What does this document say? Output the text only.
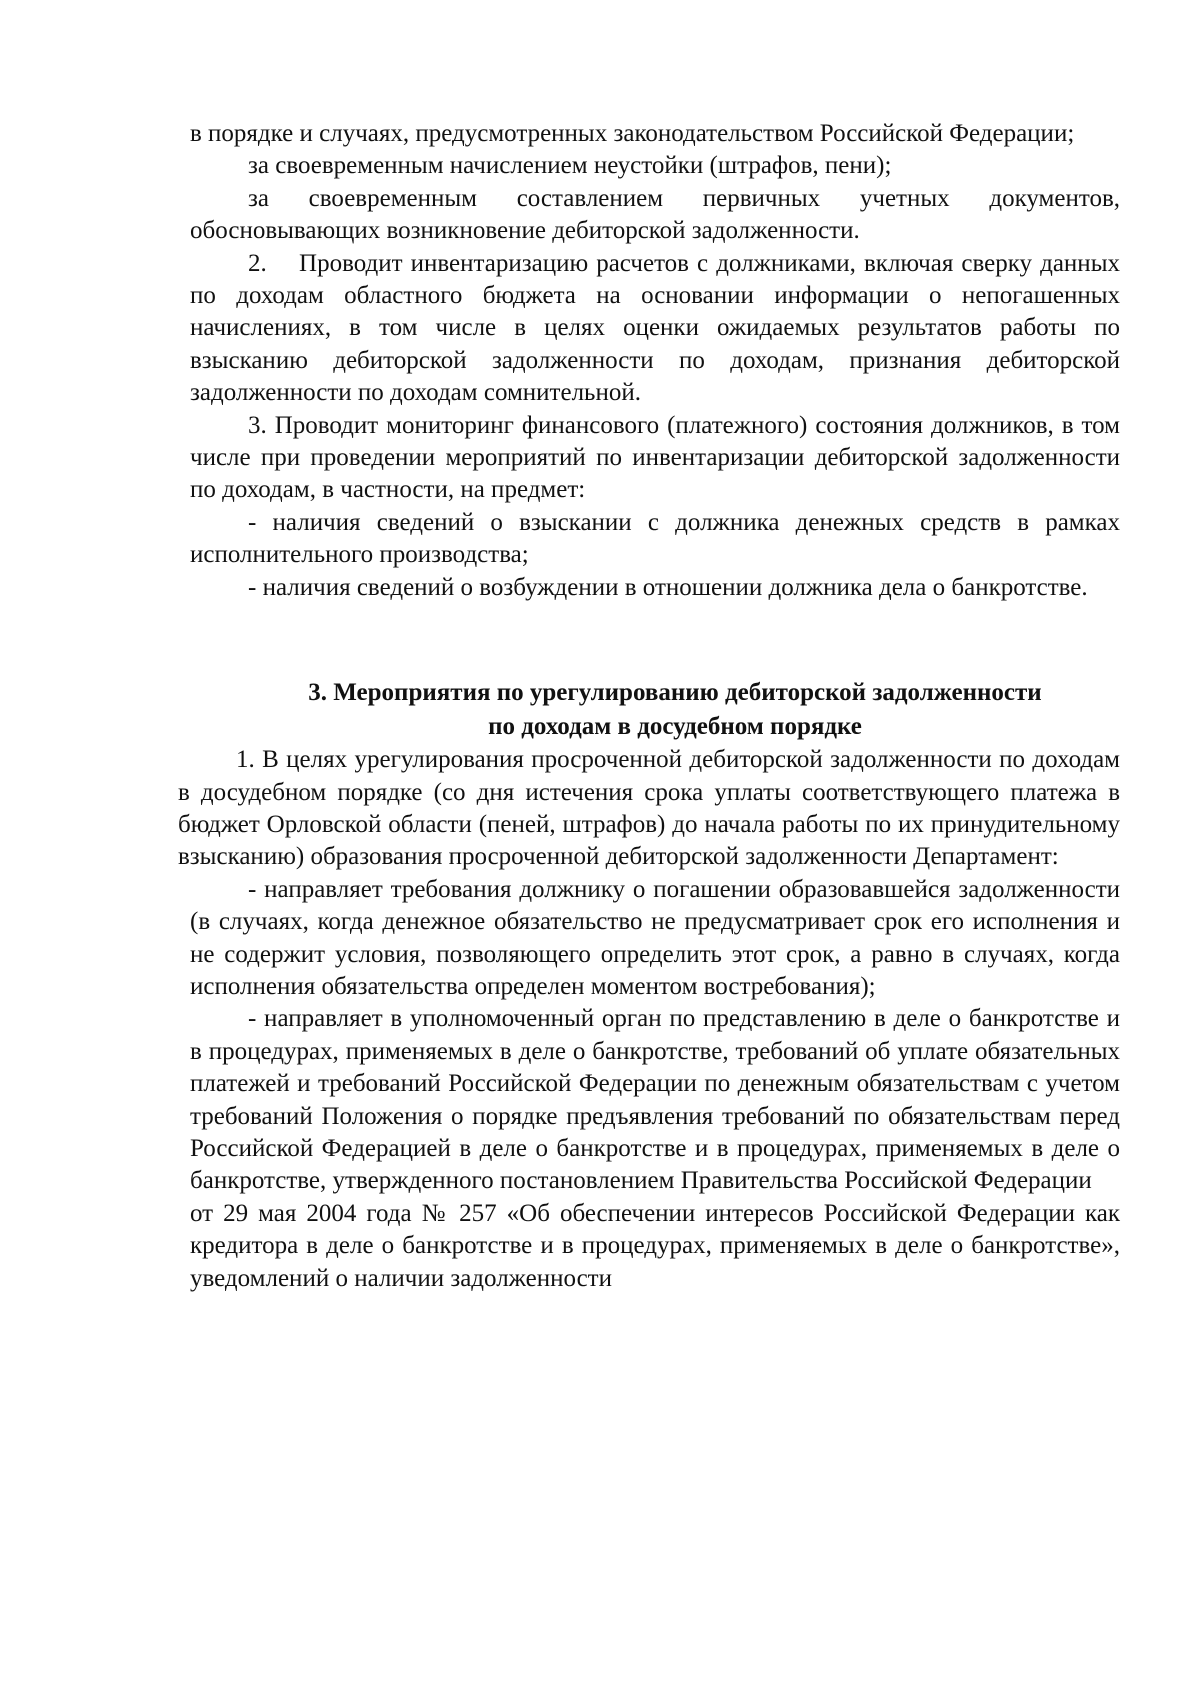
в порядке и случаях, предусмотренных законодательством Российской Федерации;

за своевременным начислением неустойки (штрафов, пени);

за своевременным составлением первичных учетных документов, обосновывающих возникновение дебиторской задолженности.

2.    Проводит инвентаризацию расчетов с должниками, включая сверку данных по доходам областного бюджета на основании информации о непогашенных начислениях, в том числе в целях оценки ожидаемых результатов работы по взысканию дебиторской задолженности по доходам, признания дебиторской задолженности по доходам сомнительной.

3. Проводит мониторинг финансового (платежного) состояния должников, в том числе при проведении мероприятий по инвентаризации дебиторской задолженности по доходам, в частности, на предмет:

- наличия сведений о взыскании с должника денежных средств в рамках исполнительного производства;

- наличия сведений о возбуждении в отношении должника дела о банкротстве.

3. Мероприятия по урегулированию дебиторской задолженности
по доходам в досудебном порядке

1. В целях урегулирования просроченной дебиторской задолженности по доходам в досудебном порядке (со дня истечения срока уплаты соответствующего платежа в бюджет Орловской области (пеней, штрафов) до начала работы по их принудительному взысканию) образования просроченной дебиторской задолженности Департамент:

- направляет требования должнику о погашении образовавшейся задолженности (в случаях, когда денежное обязательство не предусматривает срок его исполнения и не содержит условия, позволяющего определить этот срок, а равно в случаях, когда исполнения обязательства определен моментом востребования);

- направляет в уполномоченный орган по представлению в деле о банкротстве и в процедурах, применяемых в деле о банкротстве, требований об уплате обязательных платежей и требований Российской Федерации по денежным обязательствам с учетом требований Положения о порядке предъявления требований по обязательствам перед Российской Федерацией в деле о банкротстве и в процедурах, применяемых в деле о банкротстве, утвержденного постановлением Правительства Российской Федерации

от 29 мая 2004 года № 257 «Об обеспечении интересов Российской Федерации как кредитора в деле о банкротстве и в процедурах, применяемых в деле о банкротстве», уведомлений о наличии задолженности
